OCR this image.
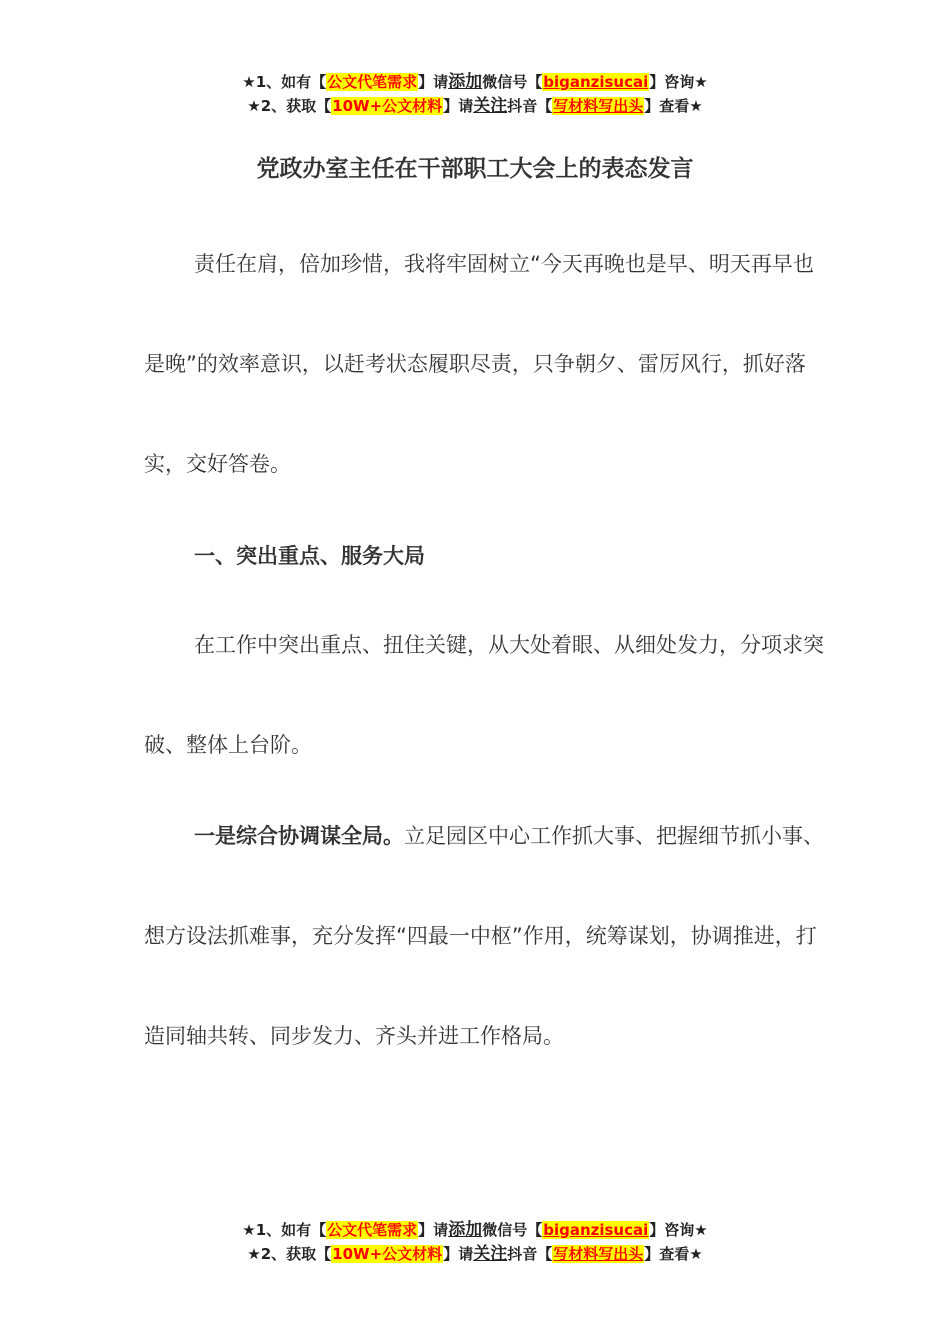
★1、如有【公文代笔需求】请添加微信号【biganzisucai】咨询★
★2、获取【10W+公文材料】请关注抖音【写材料写出头】查看★
党政办室主任在干部职工大会上的表态发言

责任在肩，倍加珍惜，我将牢固树立“今天再晚也是早、明天再早也是晚”的效率意识，以赶考状态履职尽责，只争朝夕、雷厉风行，抓好落实，交好答卷。

一、突出重点、服务大局

在工作中突出重点、扭住关键，从大处着眼、从细处发力，分项求突破、整体上台阶。

一是综合协调谋全局。立足园区中心工作抓大事、把握细节抓小事、想方设法抓难事，充分发挥“四最一中枢”作用，统筹谋划，协调推进，打造同轴共转、同步发力、齐头并进工作格局。

★1、如有【公文代笔需求】请添加微信号【biganzisucai】咨询★
★2、获取【10W+公文材料】请关注抖音【写材料写出头】查看★
